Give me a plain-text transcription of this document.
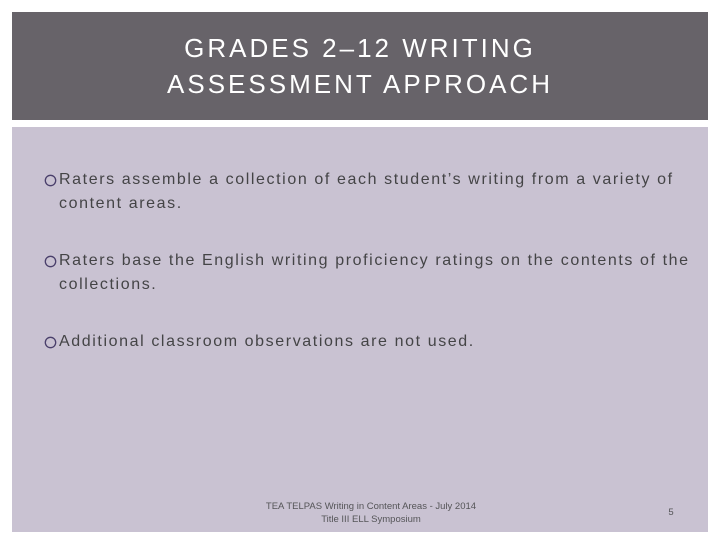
GRADES 2–12 WRITING
ASSESSMENT APPROACH
Raters assemble a collection of each student’s writing from a variety of content areas.
Raters base the English writing proficiency ratings on the contents of the collections.
Additional classroom observations are not used.
TEA TELPAS Writing in Content Areas - July 2014
Title III ELL Symposium
5
